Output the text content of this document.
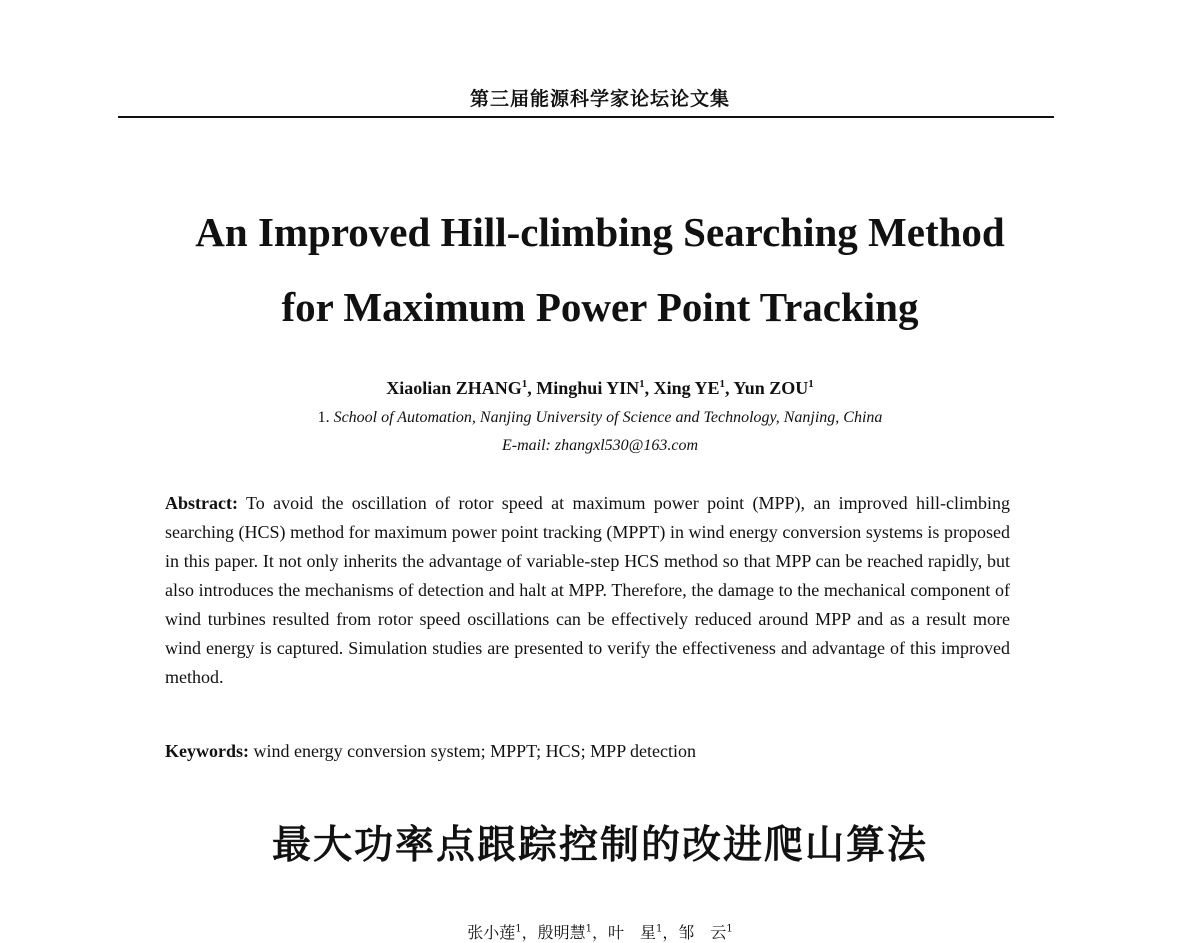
第三届能源科学家论坛论文集
An Improved Hill-climbing Searching Method
for Maximum Power Point Tracking
Xiaolian ZHANG$^1$, Minghui YIN$^1$, Xing $YE^1$, Yun ZOU$^1$
1. School of Automation, Nanjing University of Science and Technology, Nanjing, China
E-mail: zhangxl530@163.com

Abstract: To avoid the oscillation of rotor speed at maximum power point (MPP), an improved hill-climbing searching (HCS) method for maximum power point tracking (MPPT) in wind energy conversion systems is proposed in this paper. It not only inherits the advantage of variable-step HCS method so that MPP can be reached rapidly, but also introduces the mechanisms of detection and halt at MPP. Therefore, the damage to the mechanical component of wind turbines resulted from rotor speed oscillations can be effectively reduced around MPP and as a result more wind energy is captured. Simulation studies are presented to verify the effectiveness and advantage of this improved method.

Keywords: wind energy conversion system; MPPT; HCS; MPP detection

最大功率点跟踪控制的改进爬山算法
张小莲$^1$，殷明慧$^1$，叶　星$^1$，邹　云$^1$
